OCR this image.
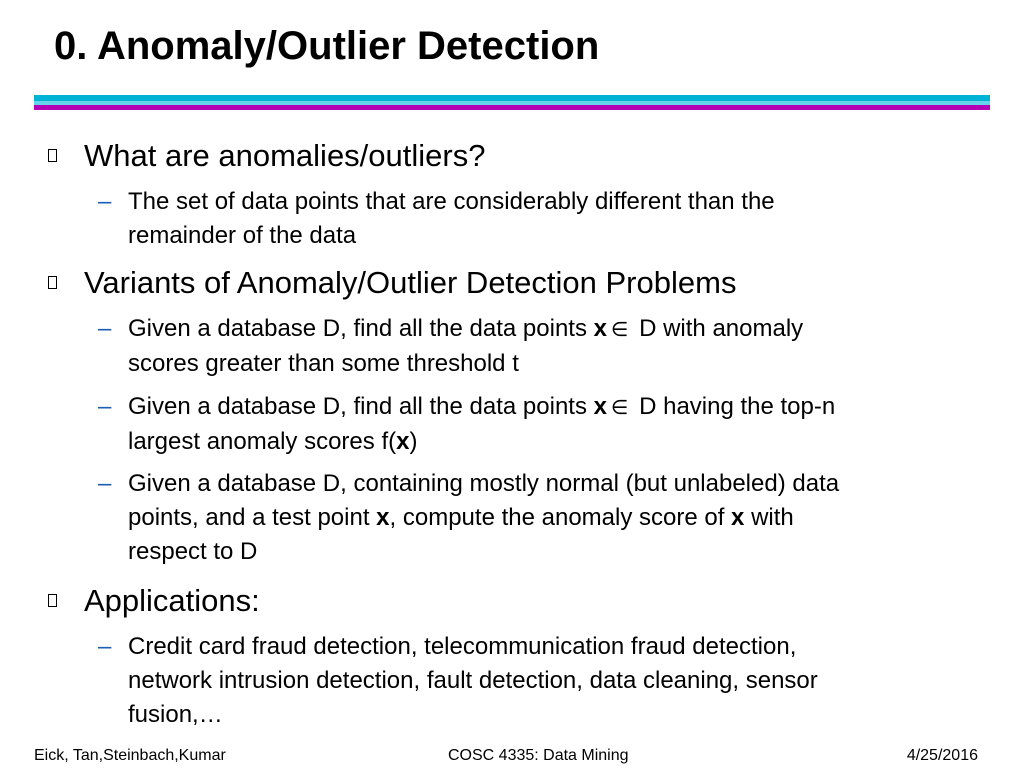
0. Anomaly/Outlier Detection
What are anomalies/outliers?
– The set of data points that are considerably different than the
remainder of the data
Variants of Anomaly/Outlier Detection Problems
– Given a database D, find all the data points x ∈ D with anomaly
scores greater than some threshold t
– Given a database D, find all the data points x ∈ D having the top-n
largest anomaly scores f(x)
– Given a database D, containing mostly normal (but unlabeled) data
points, and a test point x, compute the anomaly score of x with
respect to D
Applications:
– Credit card fraud detection, telecommunication fraud detection,
network intrusion detection, fault detection, data cleaning, sensor
fusion,…
Eick, Tan,Steinbach,Kumar	COSC 4335: Data Mining	4/25/2016
